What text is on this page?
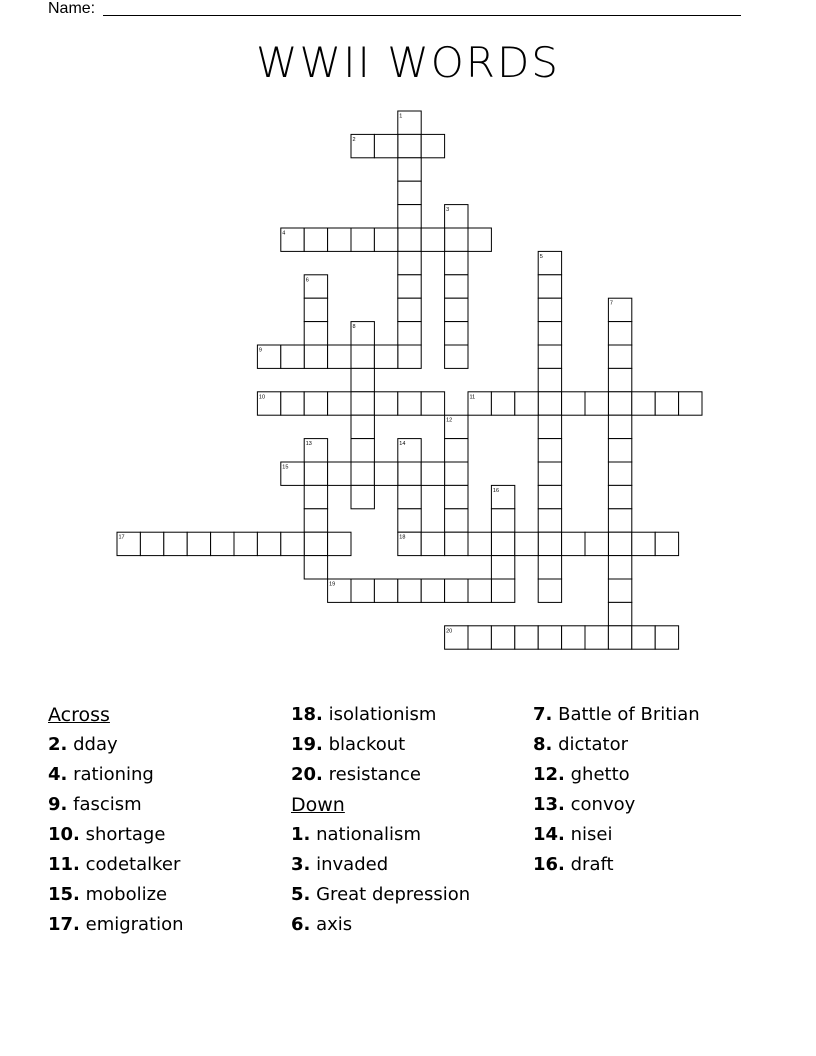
Name:
WWII WORDS
1
2
3
4
5
6
7
8
9
10	11
12
13	14
15
16
17	18
19
20
Across
2. dday
4. rationing
9. fascism
10. shortage
11. codetalker
15. mobolize
17. emigration
18. isolationism
19. blackout
20. resistance
Down
1. nationalism
3. invaded
5. Great depression
6. axis
7. Battle of Britian
8. dictator
12. ghetto
13. convoy
14. nisei
16. draft
